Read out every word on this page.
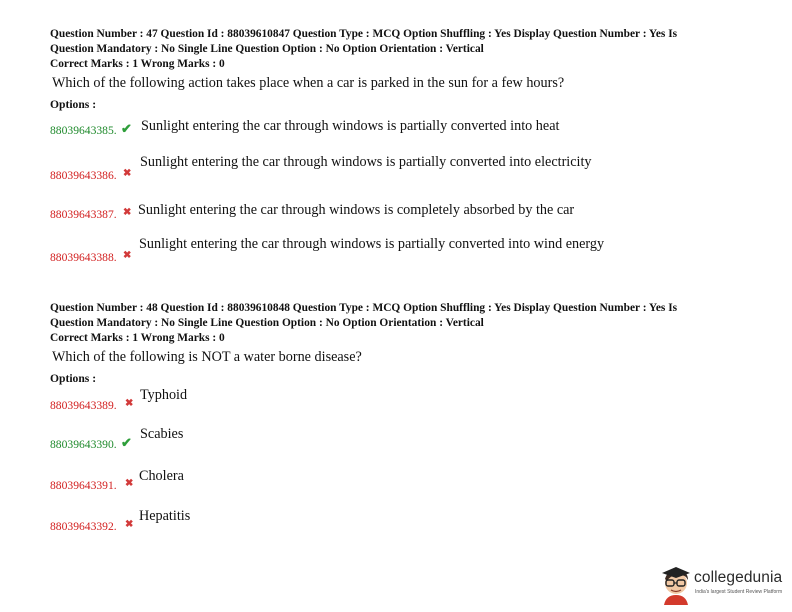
Question Number : 47 Question Id : 88039610847 Question Type : MCQ Option Shuffling : Yes Display Question Number : Yes Is

Question Mandatory : No Single Line Question Option : No Option Orientation : Vertical

Correct Marks : 1 Wrong Marks : 0

Which of the following action takes place when a car is parked in the sun for a few hours?

Options :

88039643385. ✔ Sunlight entering the car through windows is partially converted into heat
88039643386. ✖
Sunlight entering the car through windows is partially converted into electricity
88039643387. ✖ Sunlight entering the car through windows is completely absorbed by the car
88039643388. ✖
Sunlight entering the car through windows is partially converted into wind energy

Question Number : 48 Question Id : 88039610848 Question Type : MCQ Option Shuffling : Yes Display Question Number : Yes Is

Question Mandatory : No Single Line Question Option : No Option Orientation : Vertical

Correct Marks : 1 Wrong Marks : 0

Which of the following is NOT a water borne disease?

Options :

88039643389. ✖
Typhoid
88039643390. ✔
Scabies
88039643391. ✖ Cholera
88039643392. ✖
Hepatitis
collegedunia
India's largest Student Review Platform
